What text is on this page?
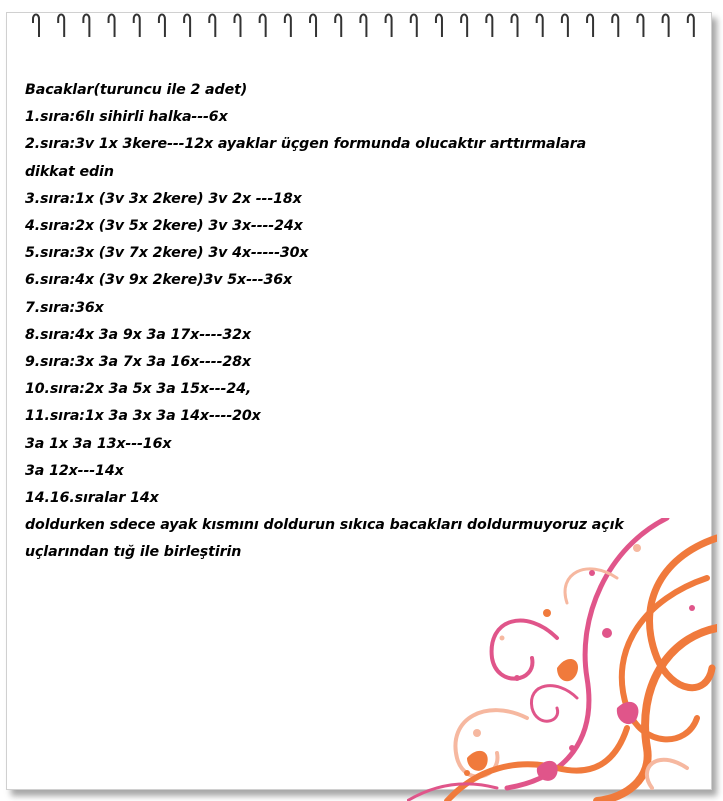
Bacaklar(turuncu ile 2 adet)
1.sıra:6lı sihirli halka---6x
2.sıra:3v 1x 3kere---12x ayaklar üçgen formunda olucaktır arttırmalara
dikkat edin
3.sıra:1x (3v 3x 2kere) 3v 2x ---18x
4.sıra:2x (3v 5x 2kere) 3v 3x----24x
5.sıra:3x (3v 7x 2kere) 3v 4x-----30x
6.sıra:4x (3v 9x 2kere)3v 5x---36x
7.sıra:36x
8.sıra:4x 3a 9x 3a 17x----32x
9.sıra:3x 3a 7x 3a 16x----28x
10.sıra:2x 3a 5x 3a 15x---24,
11.sıra:1x 3a 3x 3a 14x----20x
3a 1x 3a 13x---16x
3a 12x---14x
14.16.sıralar 14x
doldurken sdece ayak kısmını doldurun sıkıca bacakları doldurmuyoruz açık
uçlarından tığ ile birleştirin
